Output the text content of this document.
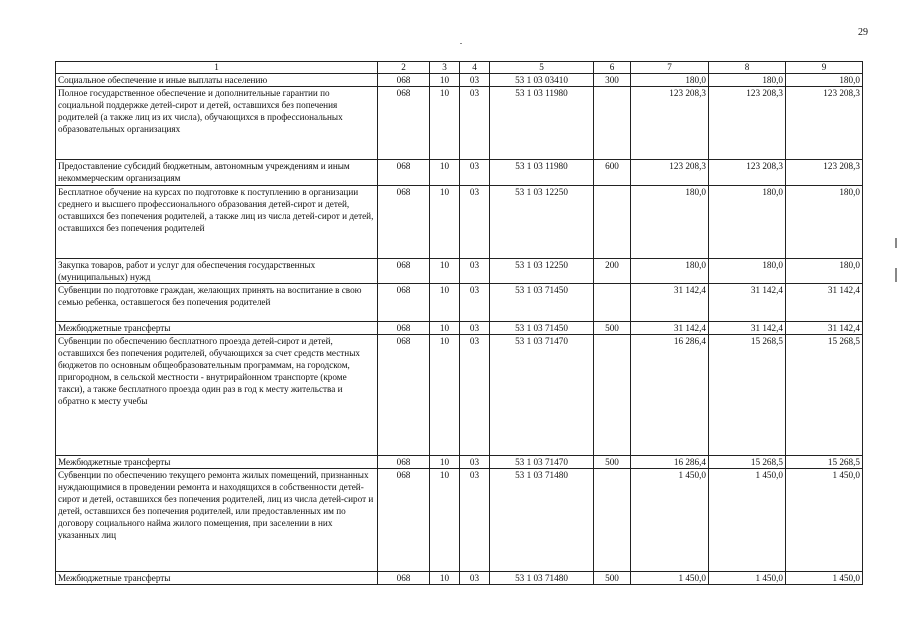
29
1	2	3	4	5	6	7	8	9
Социальное обеспечение и иные выплаты населению	068	10	03	53 1 03 03410	300	180,0	180,0	180,0
Полное государственное обеспечение и дополнительные гарантии по социальной поддержке детей-сирот и детей, оставшихся без попечения родителей (а также лиц из их числа), обучающихся в профессиональных образовательных организациях	068	10	03	53 1 03 11980		123 208,3	123 208,3	123 208,3
Предоставление субсидий бюджетным, автономным учреждениям и иным некоммерческим организациям	068	10	03	53 1 03 11980	600	123 208,3	123 208,3	123 208,3
Бесплатное обучение на курсах по подготовке к поступлению в организации среднего и высшего профессионального образования детей-сирот и детей, оставшихся без попечения родителей, а также лиц из числа детей-сирот и детей, оставшихся без попечения родителей	068	10	03	53 1 03 12250		180,0	180,0	180,0
Закупка товаров, работ и услуг для обеспечения государственных (муниципальных) нужд	068	10	03	53 1 03 12250	200	180,0	180,0	180,0
Субвенции по подготовке граждан, желающих принять на воспитание в свою семью ребенка, оставшегося без попечения родителей	068	10	03	53 1 03 71450		31 142,4	31 142,4	31 142,4
Межбюджетные трансферты	068	10	03	53 1 03 71450	500	31 142,4	31 142,4	31 142,4
Субвенции по обеспечению бесплатного проезда детей-сирот и детей, оставшихся без попечения родителей, обучающихся за счет средств местных бюджетов по основным общеобразовательным программам, на городском, пригородном, в сельской местности - внутрирайонном транспорте (кроме такси), а также бесплатного проезда один раз в год к месту жительства и обратно к месту учебы	068	10	03	53 1 03 71470		16 286,4	15 268,5	15 268,5
Межбюджетные трансферты	068	10	03	53 1 03 71470	500	16 286,4	15 268,5	15 268,5
Субвенции по обеспечению текущего ремонта жилых помещений, признанных нуждающимися в проведении ремонта и находящихся в собственности детей-сирот и детей, оставшихся без попечения родителей, лиц из числа детей-сирот и детей, оставшихся без попечения родителей, или предоставленных им по договору социального найма жилого помещения, при заселении в них указанных лиц	068	10	03	53 1 03 71480		1 450,0	1 450,0	1 450,0
Межбюджетные трансферты	068	10	03	53 1 03 71480	500	1 450,0	1 450,0	1 450,0
